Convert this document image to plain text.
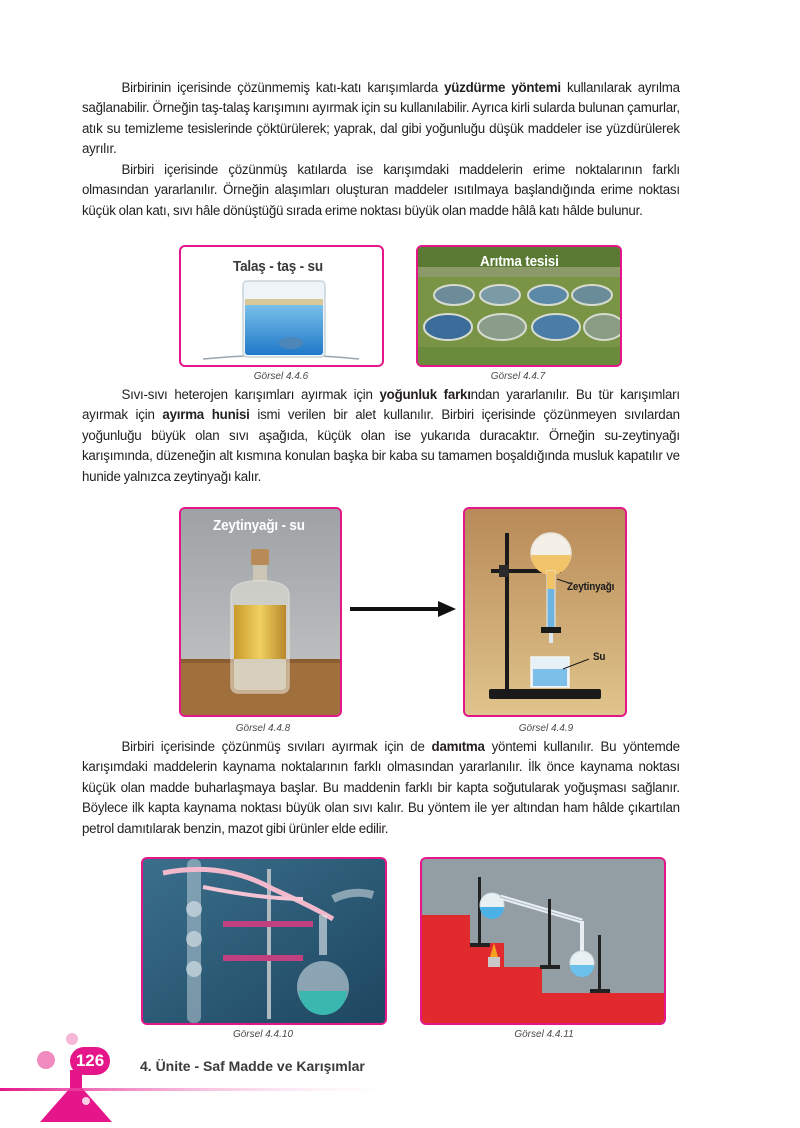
Birbirinin içerisinde çözünmemiş katı-katı karışımlarda yüzdürme yöntemi kullanılarak ayrılma sağlanabilir. Örneğin taş-talaş karışımını ayırmak için su kullanılabilir. Ayrıca kirli sularda bulunan çamurlar, atık su temizleme tesislerinde çöktürülerek; yaprak, dal gibi yoğunluğu düşük maddeler ise yüzdürülerek ayrılır.
Birbiri içerisinde çözünmüş katılarda ise karışımdaki maddelerin erime noktalarının farklı olmasından yararlanılır. Örneğin alaşımları oluşturan maddeler ısıtılmaya başlandığında erime noktası küçük olan katı, sıvı hâle dönüştüğü sırada erime noktası büyük olan madde hâlâ katı hâlde bulunur.
Talaş - taş - su	Arıtma tesisi
Görsel 4.4.6	Görsel 4.4.7
Sıvı-sıvı heterojen karışımları ayırmak için yoğunluk farkından yararlanılır. Bu tür karışımları ayırmak için ayırma hunisi ismi verilen bir alet kullanılır. Birbiri içerisinde çözünmeyen sıvılardan yoğunluğu büyük olan sıvı aşağıda, küçük olan ise yukarıda duracaktır. Örneğin su-zeytinyağı karışımında, düzeneğin alt kısmına konulan başka bir kaba su tamamen boşaldığında musluk kapatılır ve hunide yalnızca zeytinyağı kalır.
Zeytinyağı - su
Zeytinyağı
Su
Görsel 4.4.8	Görsel 4.4.9
Birbiri içerisinde çözünmüş sıvıları ayırmak için de damıtma yöntemi kullanılır. Bu yöntemde karışımdaki maddelerin kaynama noktalarının farklı olmasından yararlanılır. İlk önce kaynama noktası küçük olan madde buharlaşmaya başlar. Bu maddenin farklı bir kapta soğutularak yoğuşması sağlanır. Böylece ilk kapta kaynama noktası büyük olan sıvı kalır. Bu yöntem ile yer altından ham hâlde çıkartılan petrol damıtılarak benzin, mazot gibi ürünler elde edilir.
Görsel 4.4.10	Görsel 4.4.11
126	4. Ünite - Saf Madde ve Karışımlar
